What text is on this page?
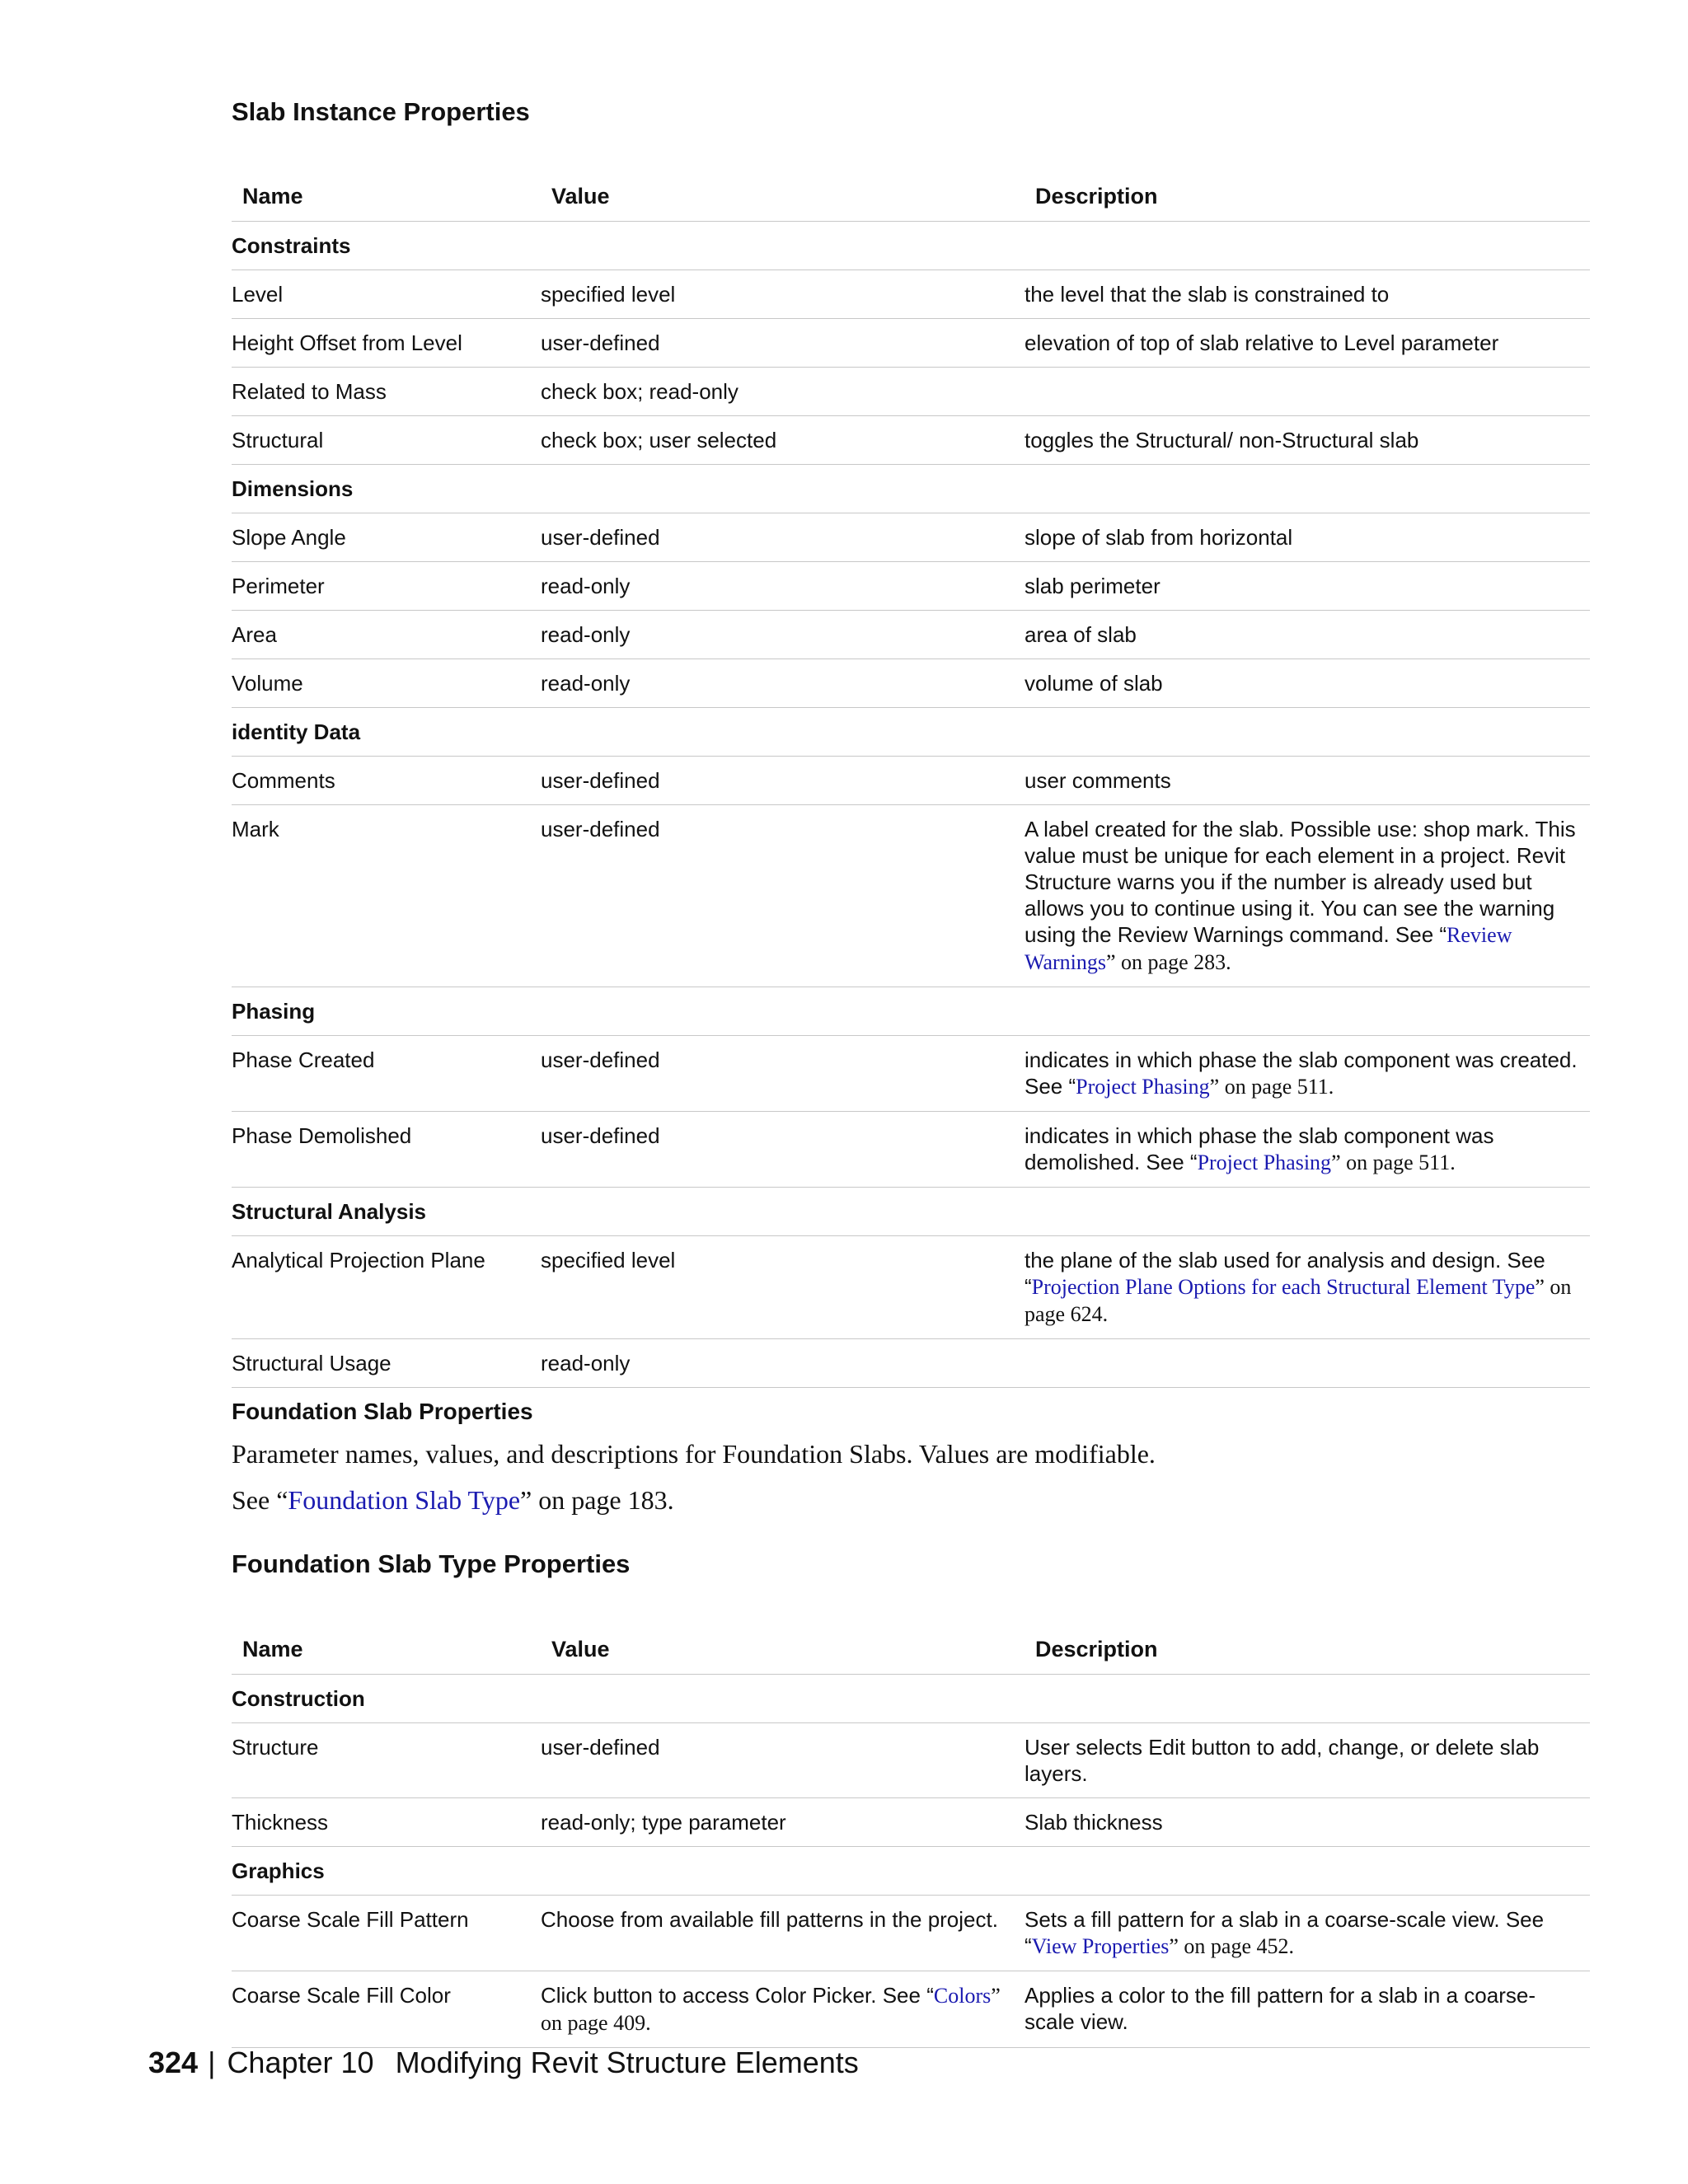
Slab Instance Properties
Name	Value	Description
Constraints		
Level	specified level	the level that the slab is constrained to
Height Offset from Level	user-defined	elevation of top of slab relative to Level parameter
Related to Mass	check box; read-only	
Structural	check box; user selected	toggles the Structural/ non-Structural slab
Dimensions		
Slope Angle	user-defined	slope of slab from horizontal
Perimeter	read-only	slab perimeter
Area	read-only	area of slab
Volume	read-only	volume of slab
identity Data		
Comments	user-defined	user comments
Mark	user-defined	A label created for the slab. Possible use: shop mark. This value must be unique for each element in a project. Revit Structure warns you if the number is already used but allows you to continue using it. You can see the warning using the Review Warnings command. See “Review Warnings” on page 283.
Phasing		
Phase Created	user-defined	indicates in which phase the slab component was created. See “Project Phasing” on page 511.
Phase Demolished	user-defined	indicates in which phase the slab component was demolished. See “Project Phasing” on page 511.
Structural Analysis		
Analytical Projection Plane	specified level	the plane of the slab used for analysis and design. See “Projection Plane Options for each Structural Element Type” on page 624.
Structural Usage	read-only	
Foundation Slab Properties
Parameter names, values, and descriptions for Foundation Slabs. Values are modifiable.
See “Foundation Slab Type” on page 183.
Foundation Slab Type Properties
Name	Value	Description
Construction		
Structure	user-defined	User selects Edit button to add, change, or delete slab layers.
Thickness	read-only; type parameter	Slab thickness
Graphics		
Coarse Scale Fill Pattern	Choose from available fill patterns in the project.	Sets a fill pattern for a slab in a coarse-scale view. See “View Properties” on page 452.
Coarse Scale Fill Color	Click button to access Color Picker. See “Colors” on page 409.	Applies a color to the fill pattern for a slab in a coarse-scale view.
324 | Chapter 10 Modifying Revit Structure Elements
